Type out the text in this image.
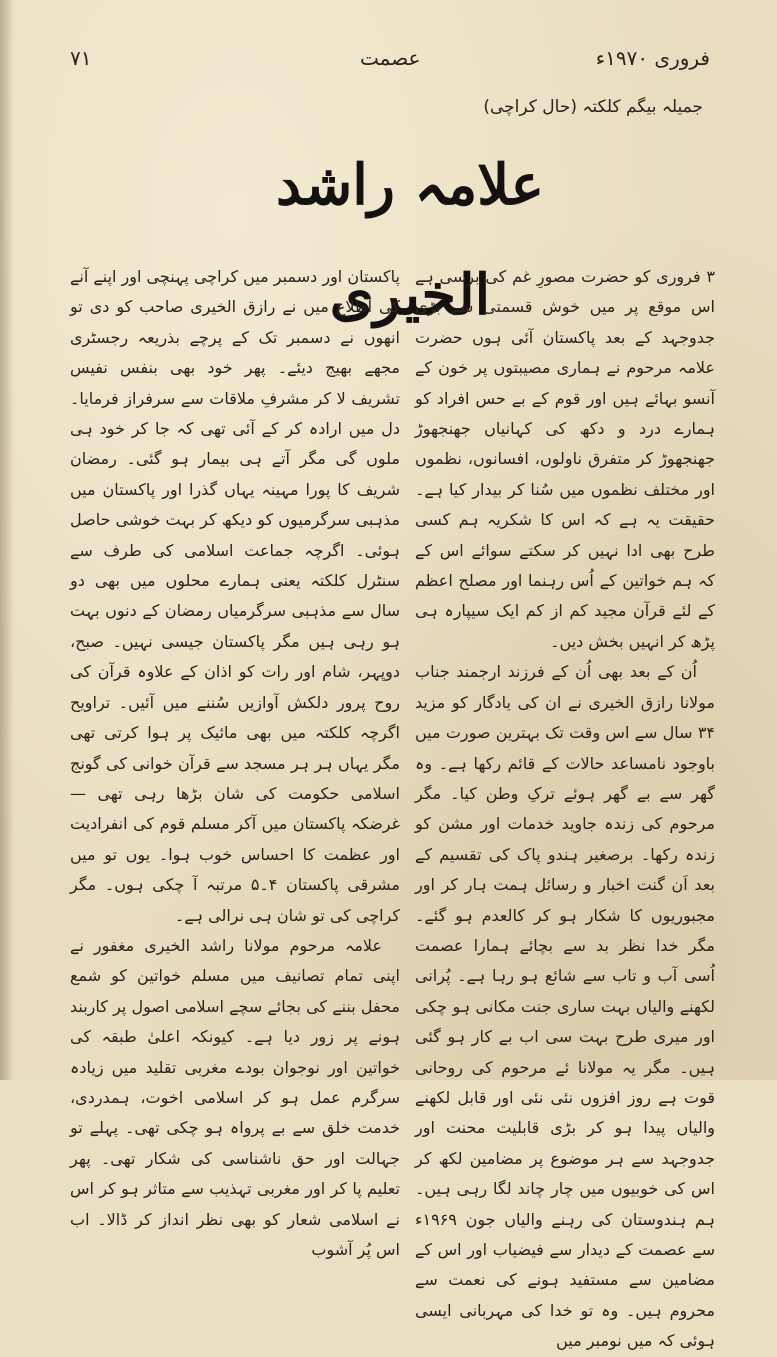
۷۱	عصمت	فروری ۱۹۷۰ء
جمیلہ بیگم کلکتہ (حال کراچی)
علامہ راشد الخیری

۳ فروری کو حضرت مصورِ غم کی برسی ہے اس موقع پر میں خوش قسمتی سے بڑی جدوجہد کے بعد پاکستان آئی ہوں حضرت علامہ مرحوم نے ہماری مصیبتوں پر خون کے آنسو بہائے ہیں اور قوم کے بے حس افراد کو ہمارے درد و دکھ کی کہانیاں جھنجھوڑ جھنجھوڑ کر متفرق ناولوں، افسانوں، نظموں اور مختلف نظموں میں سُنا کر بیدار کیا ہے۔ حقیقت یہ ہے کہ اس کا شکریہ ہم کسی طرح بھی ادا نہیں کر سکتے سوائے اس کے کہ ہم خواتین کے اُس رہنما اور مصلح اعظم کے لئے قرآن مجید کم از کم ایک سیپارہ ہی پڑھ کر انہیں بخش دیں۔

اُن کے بعد بھی اُن کے فرزند ارجمند جناب مولانا رازق الخیری نے ان کی یادگار کو مزید ۳۴ سال سے اس وقت تک بہترین صورت میں باوجود نامساعد حالات کے قائم رکھا ہے۔ وہ گھر سے بے گھر ہوئے ترکِ وطن کیا۔ مگر مرحوم کی زندہ جاوید خدمات اور مشن کو زندہ رکھا۔ برصغیر ہندو پاک کی تقسیم کے بعد اَن گنت اخبار و رسائل ہمت ہار کر اور مجبوریوں کا شکار ہو کر کالعدم ہو گئے۔ مگر خدا نظر بد سے بچائے ہمارا عصمت اُسی آب و تاب سے شائع ہو رہا ہے۔ پُرانی لکھنے والیاں بہت ساری جنت مکانی ہو چکی اور میری طرح بہت سی اب بے کار ہو گئی ہیں۔ مگر یہ مولانا ئے مرحوم کی روحانی قوت ہے روز افزوں نئی نئی اور قابل لکھنے والیاں پیدا ہو کر بڑی قابلیت محنت اور جدوجہد سے ہر موضوع پر مضامین لکھ کر اس کی خوبیوں میں چار چاند لگا رہی ہیں۔ ہم ہندوستان کی رہنے والیاں جون ۱۹۶۹ء سے عصمت کے دیدار سے فیضیاب اور اس کے مضامین سے مستفید ہونے کی نعمت سے محروم ہیں۔ وہ تو خدا کی مہربانی ایسی ہوئی کہ میں نومبر میں

پاکستان اور دسمبر میں کراچی پہنچی اور اپنے آنے کی اطلاع میں نے رازق الخیری صاحب کو دی تو انھوں نے دسمبر تک کے پرچے بذریعہ رجسٹری مجھے بھیج دیئے۔ پھر خود بھی بنفس نفیس تشریف لا کر مشرفِ ملاقات سے سرفراز فرمایا۔ دل میں ارادہ کر کے آئی تھی کہ جا کر خود ہی ملوں گی مگر آتے ہی بیمار ہو گئی۔ رمضان شریف کا پورا مہینہ یہاں گذرا اور پاکستان میں مذہبی سرگرمیوں کو دیکھ کر بہت خوشی حاصل ہوئی۔ اگرچہ جماعت اسلامی کی طرف سے سنٹرل کلکتہ یعنی ہمارے محلوں میں بھی دو سال سے مذہبی سرگرمیاں رمضان کے دنوں بہت ہو رہی ہیں مگر پاکستان جیسی نہیں۔ صبح، دوپہر، شام اور رات کو اذان کے علاوہ قرآن کی روح پرور دلکش آوازیں سُننے میں آئیں۔ تراویح اگرچہ کلکتہ میں بھی مائیک پر ہوا کرتی تھی مگر یہاں ہر ہر مسجد سے قرآن خوانی کی گونج اسلامی حکومت کی شان بڑھا رہی تھی — غرضکہ پاکستان میں آکر مسلم قوم کی انفرادیت اور عظمت کا احساس خوب ہوا۔ یوں تو میں مشرقی پاکستان ۴۔۵ مرتبہ آ چکی ہوں۔ مگر کراچی کی تو شان ہی نرالی ہے۔

علامہ مرحوم مولانا راشد الخیری مغفور نے اپنی تمام تصانیف میں مسلم خواتین کو شمع محفل بننے کی بجائے سچے اسلامی اصول پر کاربند ہونے پر زور دیا ہے۔ کیونکہ اعلیٰ طبقہ کی خواتین اور نوجوان بودے مغربی تقلید میں زیادہ سرگرم عمل ہو کر اسلامی اخوت، ہمدردی، خدمت خلق سے بے پرواہ ہو چکی تھی۔ پہلے تو جہالت اور حق ناشناسی کی شکار تھی۔ پھر تعلیم پا کر اور مغربی تہذیب سے متاثر ہو کر اس نے اسلامی شعار کو بھی نظر انداز کر ڈالا۔ اب اس پُر آشوب
